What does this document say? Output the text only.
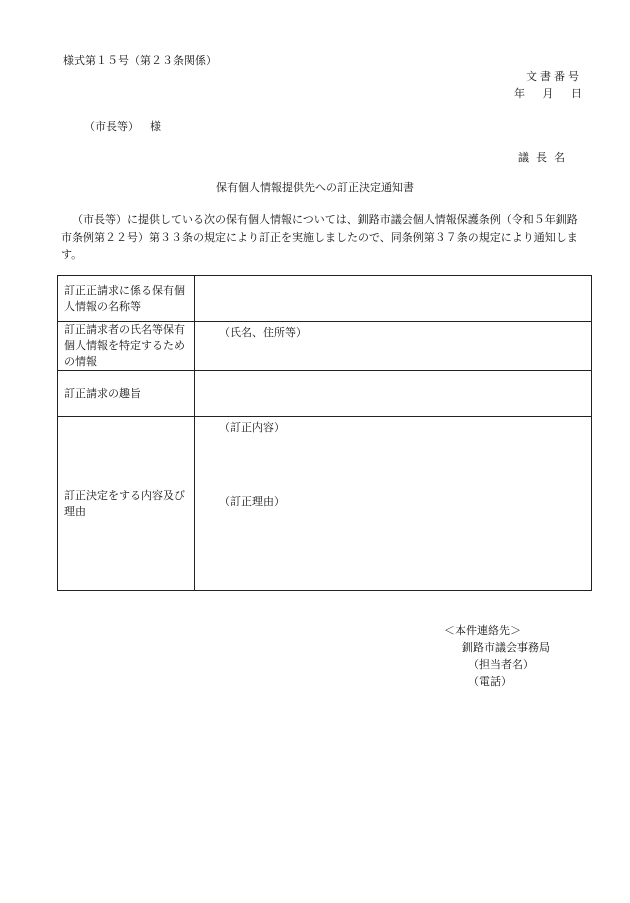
様式第１５号（第２３条関係）
文書番号
年 月 日
（市長等） 様
議長名
保有個人情報提供先への訂正決定通知書
（市長等）に提供している次の保有個人情報については、釧路市議会個人情報保護条例（令和５年釧路市条例第２２号）第３３条の規定により訂正を実施しましたので、同条例第３７条の規定により通知します。
訂正正請求に係る保有個人情報の名称等	
訂正請求者の氏名等保有個人情報を特定するための情報	（氏名、住所等）

訂正請求の趣旨	
訂正決定をする内容及び理由	（訂正内容）
（訂正理由）
＜本件連絡先＞
釧路市議会事務局
（担当者名）
（電話）
